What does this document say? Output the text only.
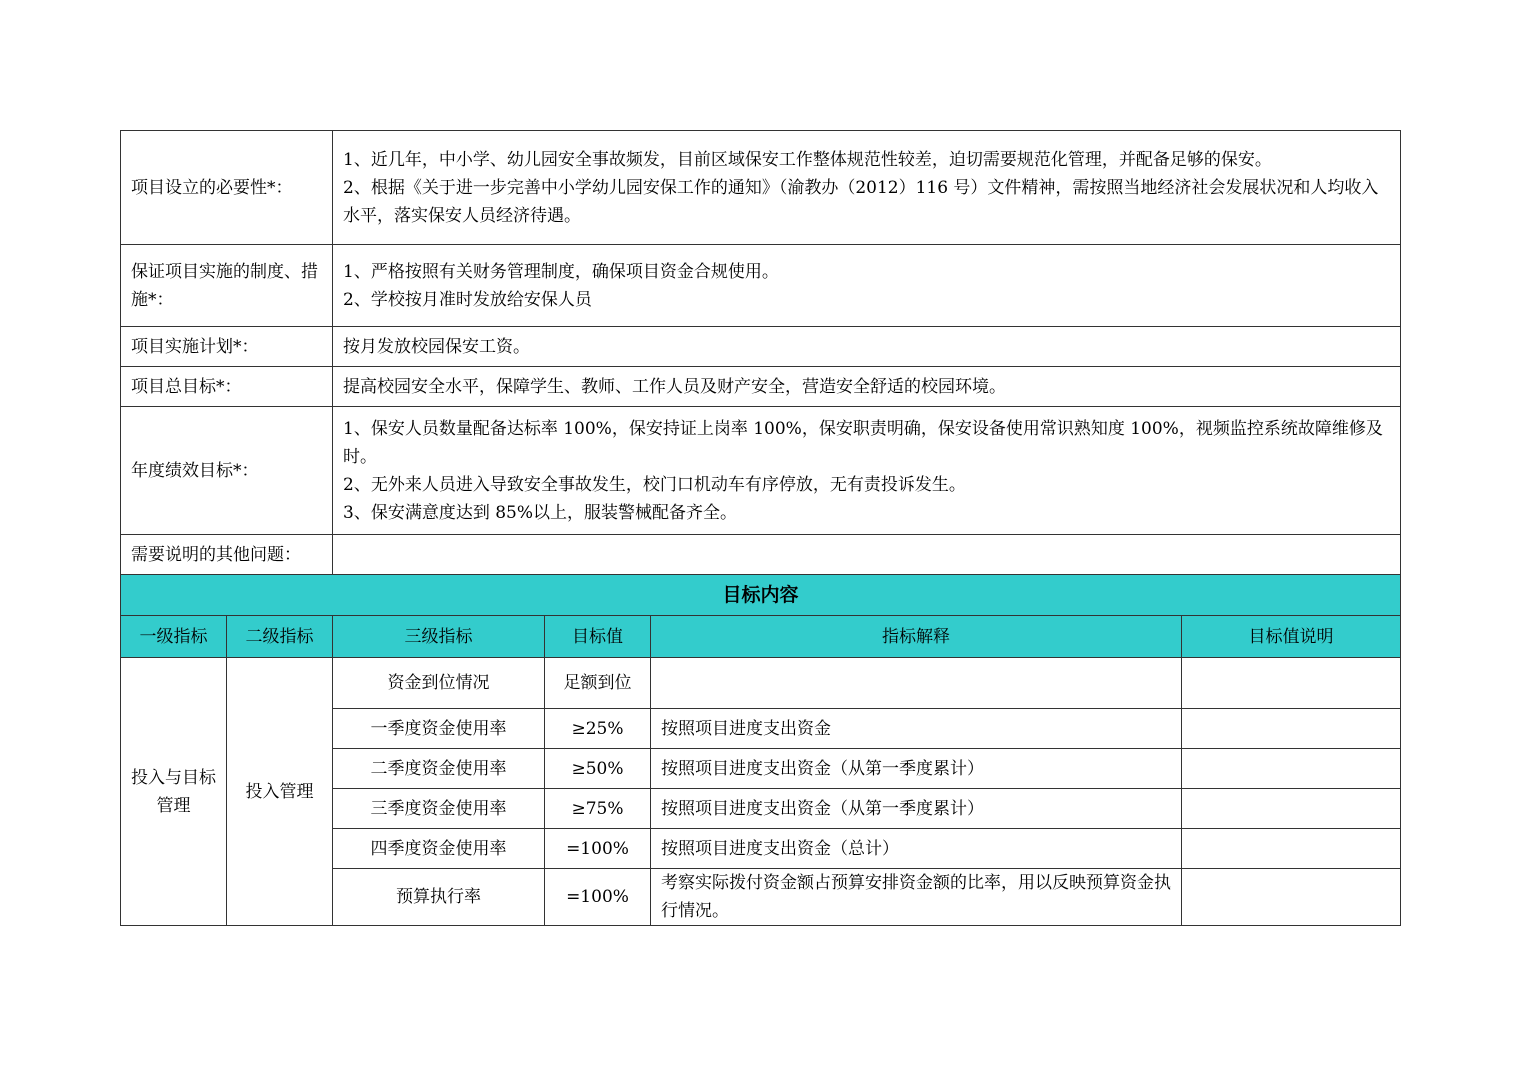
项目设立的必要性*：		1、近几年，中小学、幼儿园安全事故频发，目前区域保安工作整体规范性较差，迫切需要规范化管理，并配备足够的保安。
2、根据《关于进一步完善中小学幼儿园安保工作的通知》（渝教办（2012）116 号）文件精神，需按照当地经济社会发展状况和人均收入水平，落实保安人员经济待遇。			

保证项目实施的制度、措施*：		1、严格按照有关财务管理制度，确保项目资金合规使用。
2、学校按月准时发放给安保人员			

项目实施计划*：		按月发放校园保安工资。			
项目总目标*：		提高校园安全水平，保障学生、教师、工作人员及财产安全，营造安全舒适的校园环境。			
年度绩效目标*：		1、保安人员数量配备达标率 100%，保安持证上岗率 100%，保安职责明确，保安设备使用常识熟知度 100%，视频监控系统故障维修及时。
2、无外来人员进入导致安全事故发生，校门口机动车有序停放，无有责投诉发生。
3、保安满意度达到 85%以上，服装警械配备齐全。			

需要说明的其他问题：					
目标内容					
一级指标	二级指标	三级指标	目标值	指标解释	目标值说明
投入与目标管理	投入管理	资金到位情况	足额到位		
		一季度资金使用率	≥25%	按照项目进度支出资金	
		二季度资金使用率	≥50%	按照项目进度支出资金（从第一季度累计）	
		三季度资金使用率	≥75%	按照项目进度支出资金（从第一季度累计）	
		四季度资金使用率	=100%	按照项目进度支出资金（总计）	
		预算执行率	=100%	考察实际拨付资金额占预算安排资金额的比率，用以反映预算资金执行情况。	
